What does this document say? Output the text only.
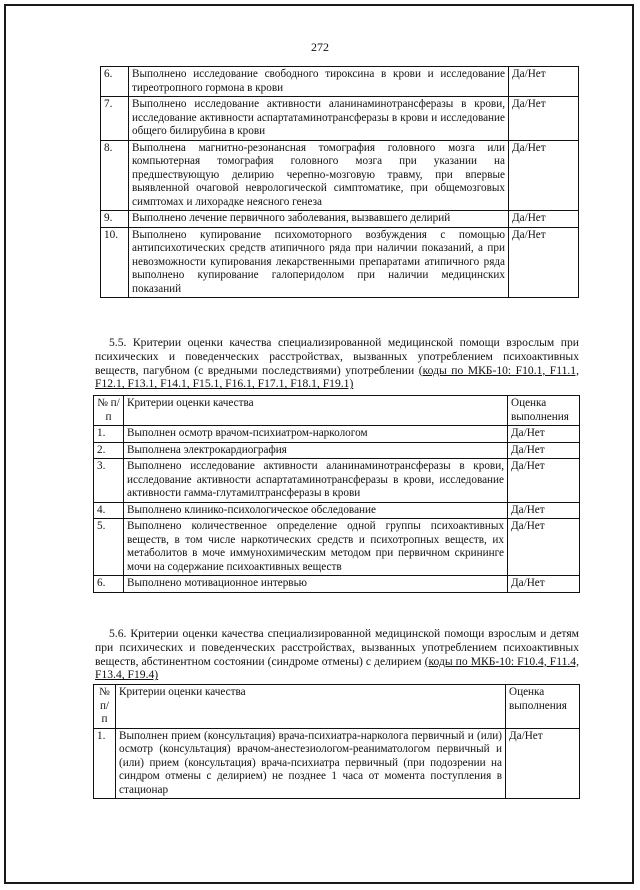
272
6.	Выполнено исследование свободного тироксина в крови и исследование тиреотропного гормона в крови	Да/Нет
7.	Выполнено исследование активности аланинаминотрансферазы в крови, исследование активности аспартатаминотрансферазы в крови и исследование общего билирубина в крови	Да/Нет
8.	Выполнена магнитно-резонансная томография головного мозга или компьютерная томография головного мозга при указании на предшествующую делирию черепно-мозговую травму, при впервые выявленной очаговой неврологической симптоматике, при общемозговых симптомах и лихорадке неясного генеза	Да/Нет
9.	Выполнено лечение первичного заболевания, вызвавшего делирий	Да/Нет
10.	Выполнено купирование психомоторного возбуждения с помощью антипсихотических средств атипичного ряда при наличии показаний, а при невозможности купирования лекарственными препаратами атипичного ряда выполнено купирование галоперидолом при наличии медицинских показаний	Да/Нет
5.5. Критерии оценки качества специализированной медицинской помощи взрослым при психических и поведенческих расстройствах, вызванных употреблением психоактивных веществ, пагубном (с вредными последствиями) употреблении (коды по МКБ-10: F10.1, F11.1, F12.1, F13.1, F14.1, F15.1, F16.1, F17.1, F18.1, F19.1)
№ п/п	Критерии оценки качества	Оценка выполнения
1.	Выполнен осмотр врачом-психиатром-наркологом	Да/Нет
2.	Выполнена электрокардиография	Да/Нет
3.	Выполнено исследование активности аланинаминотрансферазы в крови, исследование активности аспартатаминотрансферазы в крови, исследование активности гамма-глутамилтрансферазы в крови	Да/Нет
4.	Выполнено клинико-психологическое обследование	Да/Нет
5.	Выполнено количественное определение одной группы психоактивных веществ, в том числе наркотических средств и психотропных веществ, их метаболитов в моче иммунохимическим методом при первичном скрининге мочи на содержание психоактивных веществ	Да/Нет
6.	Выполнено мотивационное интервью	Да/Нет
5.6. Критерии оценки качества специализированной медицинской помощи взрослым и детям при психических и поведенческих расстройствах, вызванных употреблением психоактивных веществ, абстинентном состоянии (синдроме отмены) с делирием (коды по МКБ-10: F10.4, F11.4, F13.4, F19.4)
№ п/п	Критерии оценки качества	Оценка выполнения
1.	Выполнен прием (консультация) врача-психиатра-нарколога первичный и (или) осмотр (консультация) врачом-анестезиологом-реаниматологом первичный и (или) прием (консультация) врача-психиатра первичный (при подозрении на синдром отмены с делирием) не позднее 1 часа от момента поступления в стационар	Да/Нет
